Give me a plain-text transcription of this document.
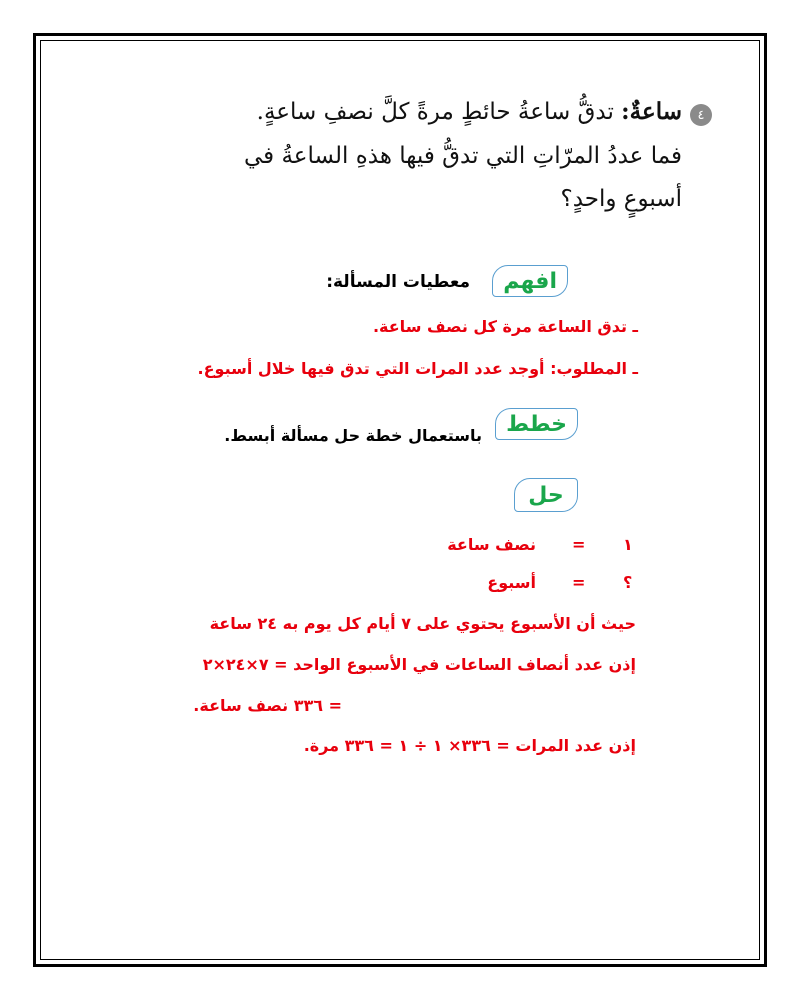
٤
ساعةٌ: تدقُّ ساعةُ حائطٍ مرةً كلَّ نصفِ ساعةٍ.
فما عددُ المرّاتِ التي تدقُّ فيها هذهِ الساعةُ في
أسبوعٍ واحدٍ؟
افهم
معطيات المسألة:
ـ تدق الساعة مرة كل نصف ساعة.
ـ المطلوب: أوجد عدد المرات التي تدق فيها خلال أسبوع.
خطط
باستعمال خطة حل مسألة أبسط.
حل
١
=
نصف ساعة
؟
=
أسبوع
حيث أن الأسبوع يحتوي على ٧ أيام كل يوم به ٢٤ ساعة
إذن عدد أنصاف الساعات في الأسبوع الواحد = ٧×٢٤×٢
= ٣٣٦ نصف ساعة.
إذن عدد المرات = ٣٣٦× ١ ÷ ١ = ٣٣٦ مرة.
